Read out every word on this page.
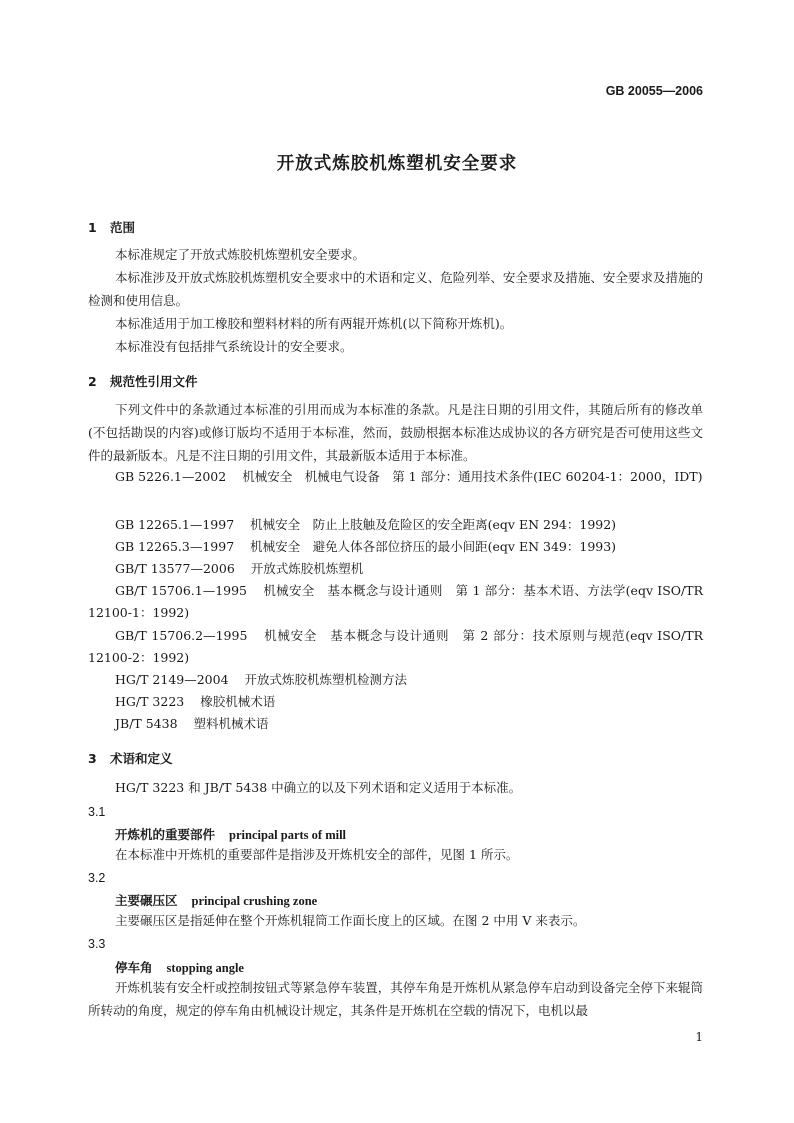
GB 20055—2006
开放式炼胶机炼塑机安全要求
1 范围
本标准规定了开放式炼胶机炼塑机安全要求。
本标准涉及开放式炼胶机炼塑机安全要求中的术语和定义、危险列举、安全要求及措施、安全要求及措施的检测和使用信息。
本标准适用于加工橡胶和塑料材料的所有两辊开炼机(以下简称开炼机)。
本标准没有包括排气系统设计的安全要求。
2 规范性引用文件
下列文件中的条款通过本标准的引用而成为本标准的条款。凡是注日期的引用文件，其随后所有的修改单(不包括勘误的内容)或修订版均不适用于本标准，然而，鼓励根据本标准达成协议的各方研究是否可使用这些文件的最新版本。凡是不注日期的引用文件，其最新版本适用于本标准。
GB 5226.1—2002 机械安全　机械电气设备　第 1 部分：通用技术条件(IEC 60204-1：2000，IDT)
GB 12265.1—1997 机械安全　防止上肢触及危险区的安全距离(eqv EN 294：1992)
GB 12265.3—1997 机械安全　避免人体各部位挤压的最小间距(eqv EN 349：1993)
GB/T 13577—2006 开放式炼胶机炼塑机
GB/T 15706.1—1995 机械安全　基本概念与设计通则　第 1 部分：基本术语、方法学(eqv ISO/TR 12100-1：1992)
GB/T 15706.2—1995 机械安全　基本概念与设计通则　第 2 部分：技术原则与规范(eqv ISO/TR 12100-2：1992)
HG/T 2149—2004 开放式炼胶机炼塑机检测方法
HG/T 3223 橡胶机械术语
JB/T 5438 塑料机械术语
3 术语和定义
HG/T 3223 和 JB/T 5438 中确立的以及下列术语和定义适用于本标准。
3.1
开炼机的重要部件 principal parts of mill
在本标准中开炼机的重要部件是指涉及开炼机安全的部件，见图 1 所示。
3.2
主要碾压区 principal crushing zone
主要碾压区是指延伸在整个开炼机辊筒工作面长度上的区域。在图 2 中用 V 来表示。
3.3
停车角 stopping angle
开炼机装有安全杆或控制按钮式等紧急停车装置，其停车角是开炼机从紧急停车启动到设备完全停下来辊筒所转动的角度，规定的停车角由机械设计规定，其条件是开炼机在空载的情况下，电机以最
1
